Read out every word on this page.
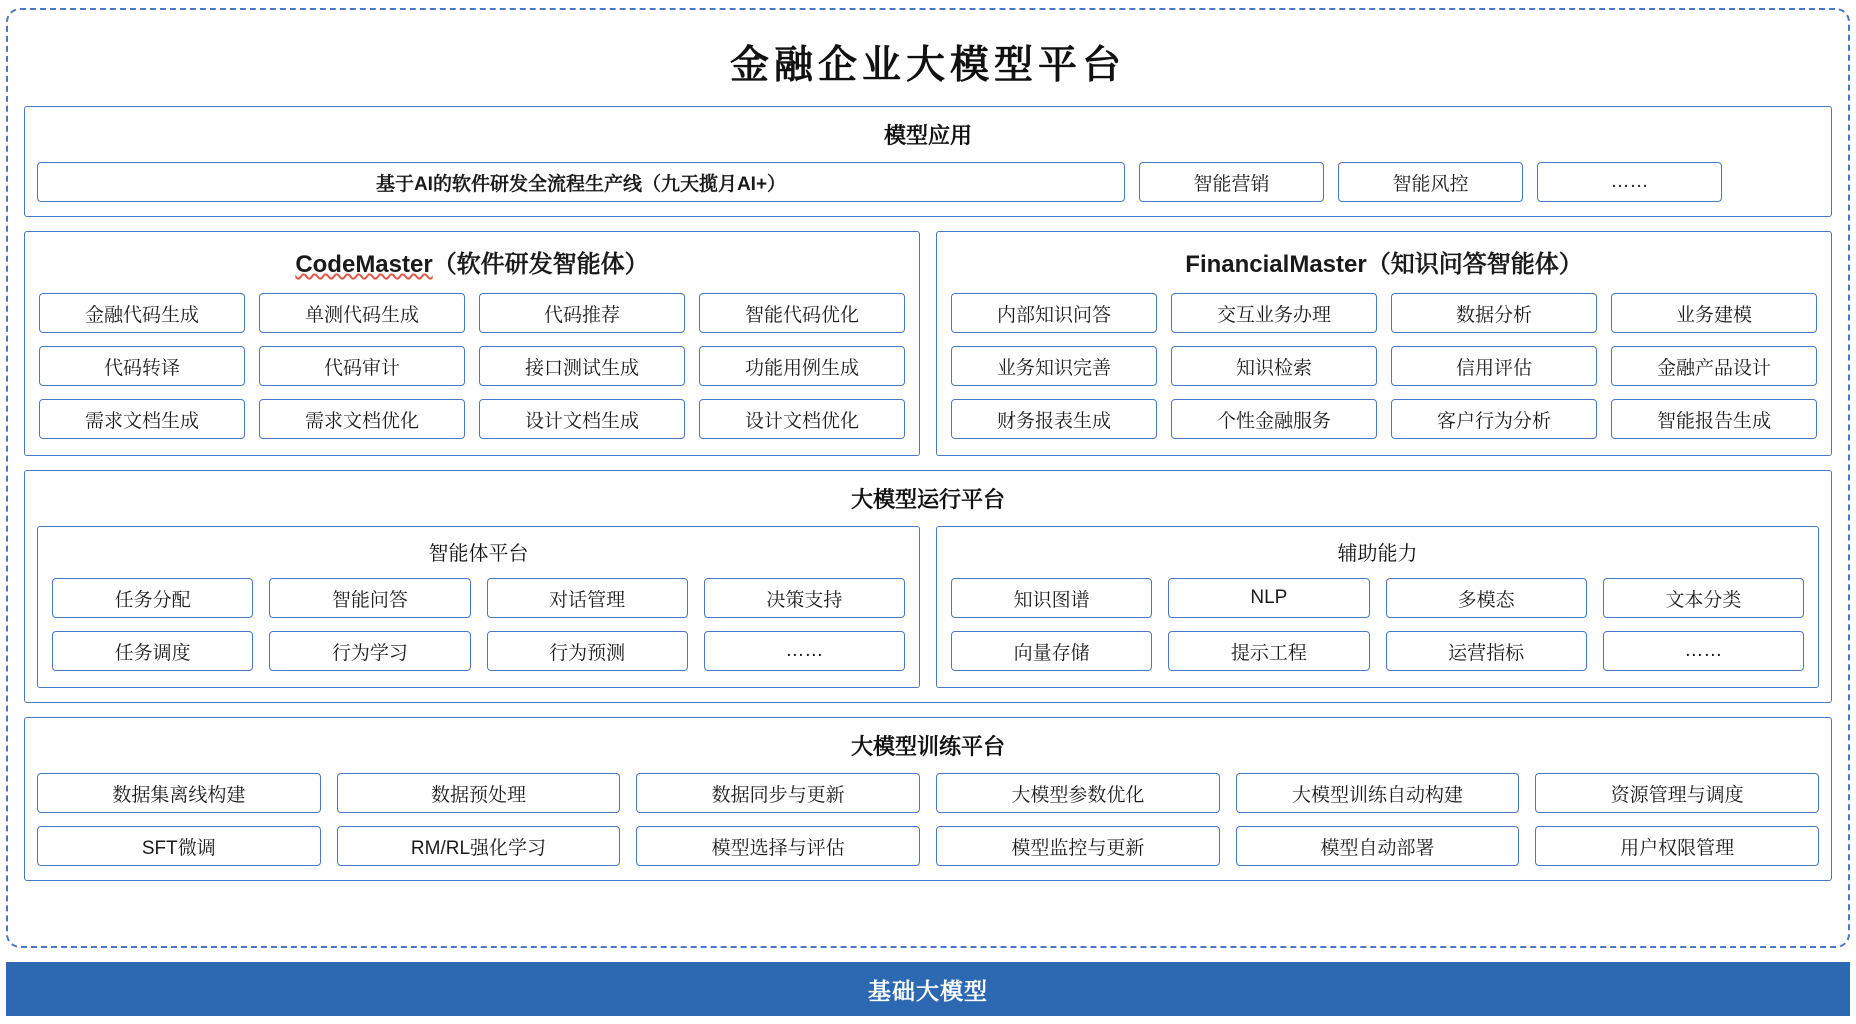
金融企业大模型平台
模型应用
基于AI的软件研发全流程生产线（九天揽月AI+）	智能营销	智能风控	……
CodeMaster（软件研发智能体）
金融代码生成	单测代码生成	代码推荐	智能代码优化
代码转译	代码审计	接口测试生成	功能用例生成
需求文档生成	需求文档优化	设计文档生成	设计文档优化
FinancialMaster（知识问答智能体）
内部知识问答	交互业务办理	数据分析	业务建模
业务知识完善	知识检索	信用评估	金融产品设计
财务报表生成	个性金融服务	客户行为分析	智能报告生成
大模型运行平台
智能体平台
任务分配	智能问答	对话管理	决策支持
任务调度	行为学习	行为预测	……
辅助能力
知识图谱	NLP	多模态	文本分类
向量存储	提示工程	运营指标	……
大模型训练平台
数据集离线构建	数据预处理	数据同步与更新	大模型参数优化	大模型训练自动构建	资源管理与调度
SFT微调	RM/RL强化学习	模型选择与评估	模型监控与更新	模型自动部署	用户权限管理
基础大模型
